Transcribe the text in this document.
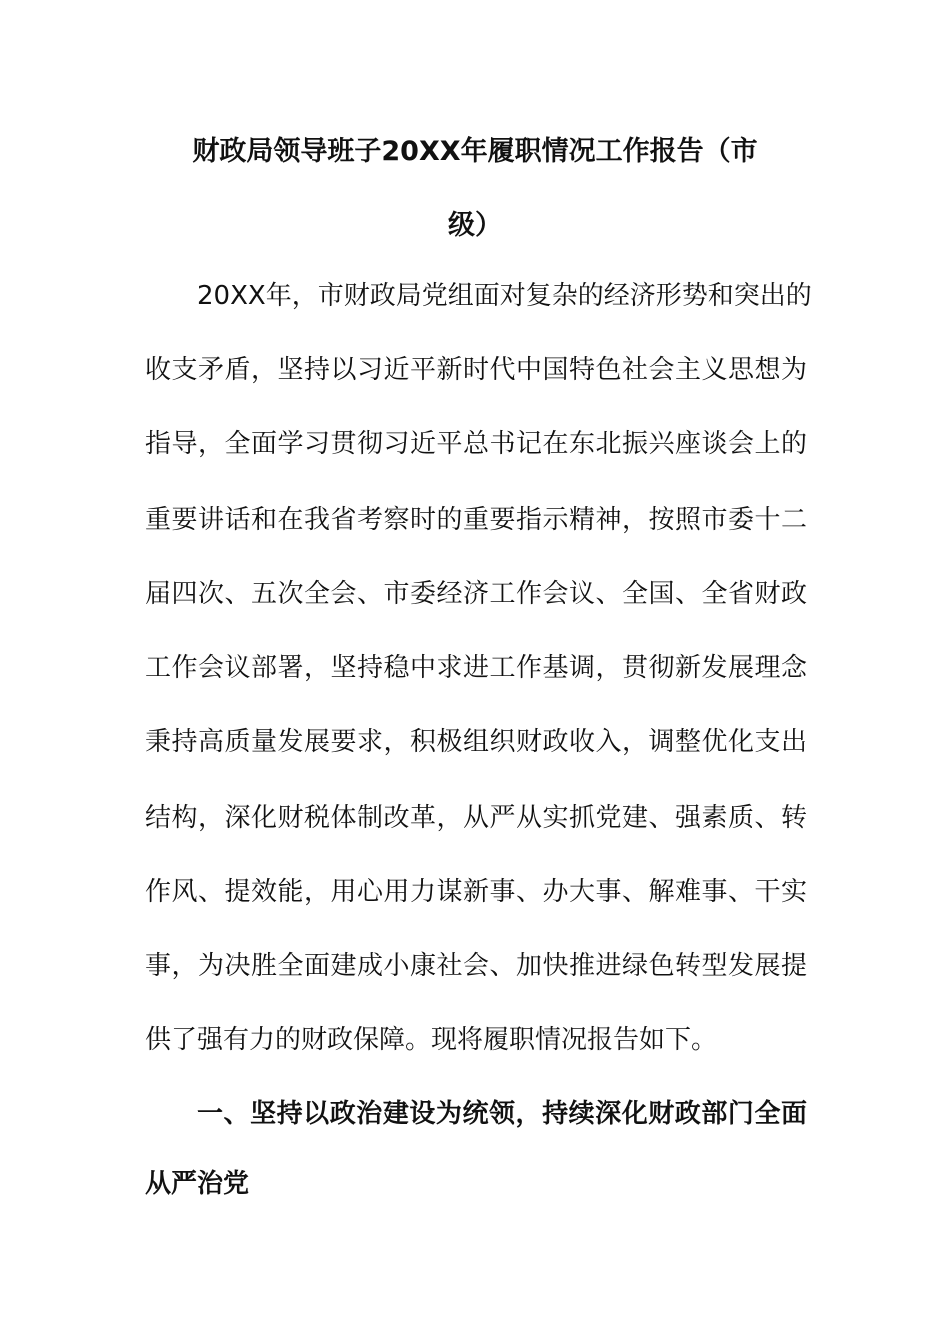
财政局领导班子20XX年履职情况工作报告（市
级）
20XX年，市财政局党组面对复杂的经济形势和突出的
收支矛盾，坚持以习近平新时代中国特色社会主义思想为
指导，全面学习贯彻习近平总书记在东北振兴座谈会上的
重要讲话和在我省考察时的重要指示精神，按照市委十二
届四次、五次全会、市委经济工作会议、全国、全省财政
工作会议部署，坚持稳中求进工作基调，贯彻新发展理念
秉持高质量发展要求，积极组织财政收入，调整优化支出
结构，深化财税体制改革，从严从实抓党建、强素质、转
作风、提效能，用心用力谋新事、办大事、解难事、干实
事，为决胜全面建成小康社会、加快推进绿色转型发展提
供了强有力的财政保障。现将履职情况报告如下。
一、坚持以政治建设为统领，持续深化财政部门全面
从严治党
